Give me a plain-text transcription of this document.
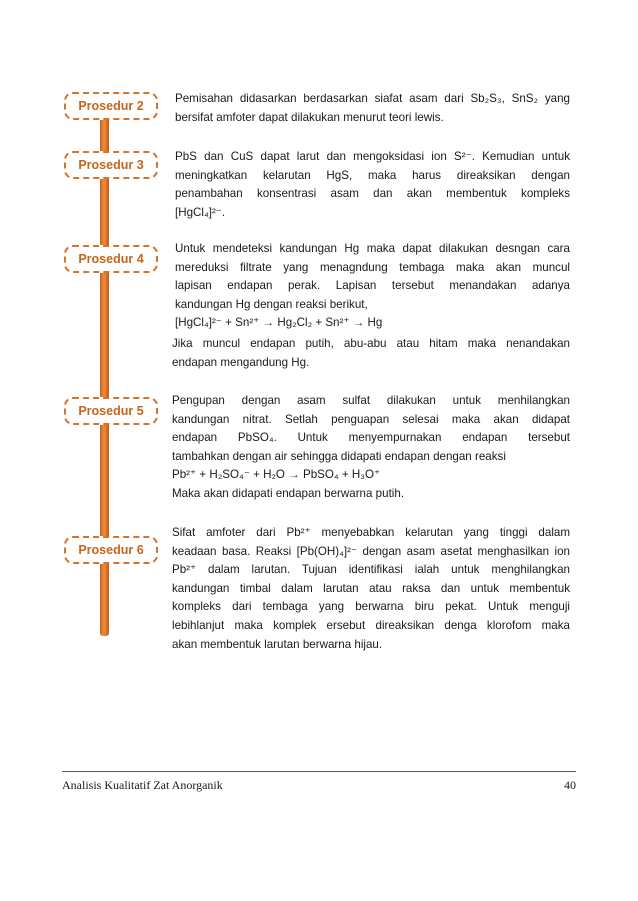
Prosedur 2
Pemisahan didasarkan berdasarkan siafat asam dari Sb₂S₃, SnS₂ yang
bersifat amfoter dapat dilakukan menurut teori lewis.
Prosedur 3
PbS dan CuS dapat larut dan mengoksidasi ion S²⁻. Kemudian untuk
meningkatkan kelarutan HgS, maka harus direaksikan dengan
penambahan konsentrasi asam dan akan membentuk kompleks
[HgCl₄]²⁻.
Prosedur 4
Untuk mendeteksi kandungan Hg maka dapat dilakukan desngan cara
mereduksi filtrate yang menagndung tembaga maka akan muncul
lapisan endapan perak. Lapisan tersebut menandakan adanya
kandungan Hg dengan reaksi berikut,
[HgCl₄]²⁻ + Sn²⁺ → Hg₂Cl₂ + Sn²⁺ → Hg
Jika muncul endapan putih, abu-abu atau hitam maka nenandakan
endapan mengandung Hg.
Prosedur 5
Pengupan dengan asam sulfat dilakukan untuk menhilangkan
kandungan nitrat. Setlah penguapan selesai maka akan didapat
endapan PbSO₄. Untuk menyempurnakan endapan tersebut
tambahkan dengan air sehingga didapati endapan dengan reaksi
Pb²⁺ + H₂SO₄⁻ + H₂O → PbSO₄ + H₃O⁺
Maka akan didapati endapan berwarna putih.
Prosedur 6
Sifat amfoter dari Pb²⁺ menyebabkan kelarutan yang tinggi dalam
keadaan basa. Reaksi [Pb(OH)₄]²⁻ dengan asam asetat menghasilkan ion
Pb²⁺ dalam larutan. Tujuan identifikasi ialah untuk menghilangkan
kandungan timbal dalam larutan atau raksa dan untuk membentuk
kompleks dari tembaga yang berwarna biru pekat. Untuk menguji
lebihlanjut maka komplek ersebut direaksikan denga klorofom maka
akan membentuk larutan berwarna hijau.
Analisis Kualitatif Zat Anorganik	40
